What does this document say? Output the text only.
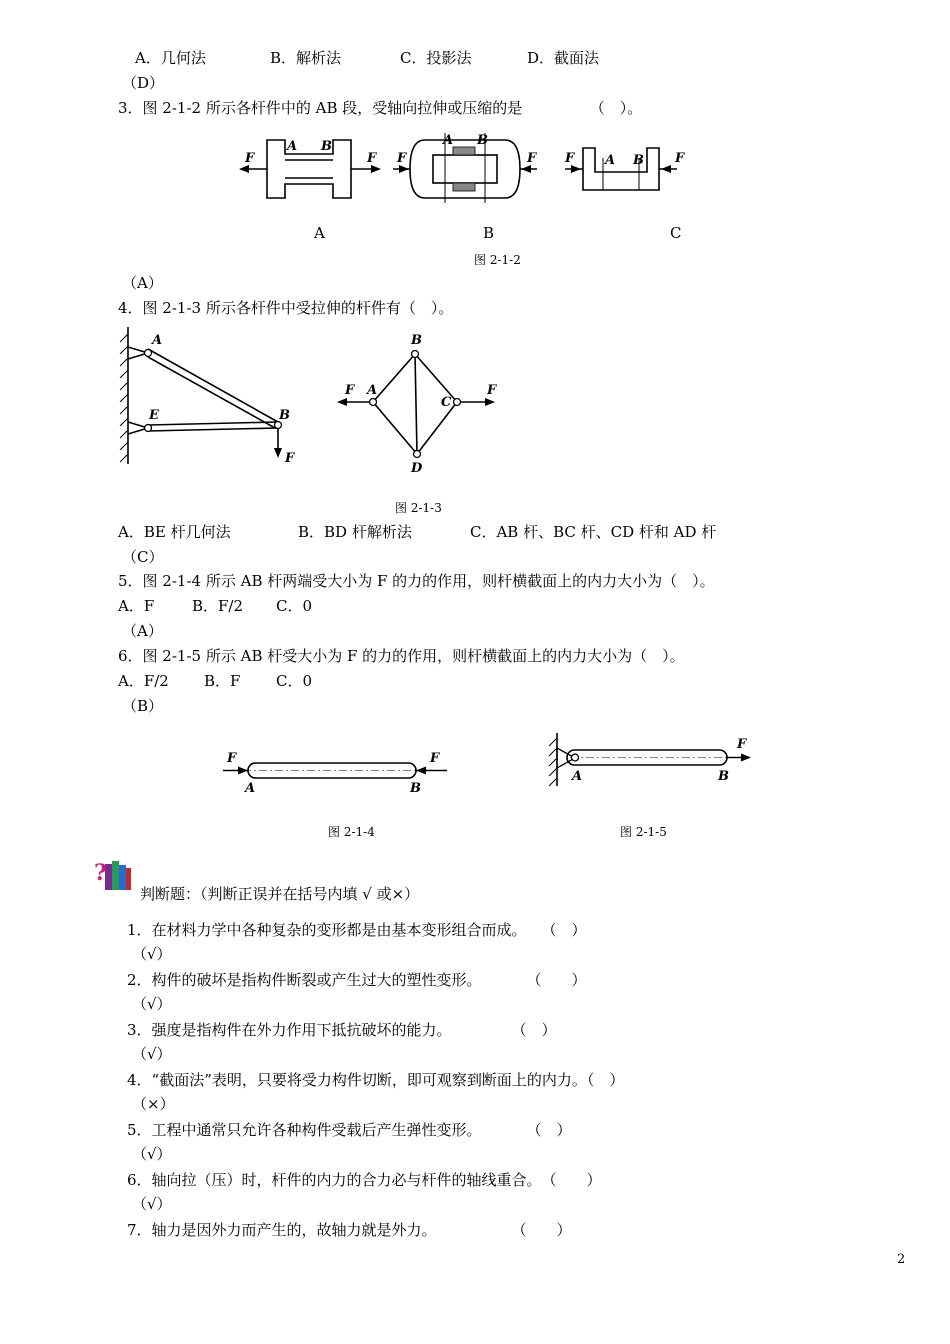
A．几何法	B．解析法	C．投影法	D．截面法
（D）
3．图 2-1-2 所示各杆件中的 AB 段，受轴向拉伸或压缩的是　　　　　（　）。
F	F
A B
F	F
A B
F	F
A B
A	B	C
图 2-1-2
（A）
4．图 2-1-3 所示各杆件中受拉伸的杆件有（　）。
A
E	B
F
F A
B
C
D
F
图 2-1-3
A．BE 杆几何法	B．BD 杆解析法	C．AB 杆、BC 杆、CD 杆和 AD 杆
（C）
5．图 2-1-4 所示 AB 杆两端受大小为 F 的力的作用，则杆横截面上的内力大小为（　）。
A．F	B．F/2 C．0
（A）
6．图 2-1-5 所示 AB 杆受大小为 F 的力的作用，则杆横截面上的内力大小为（　）。
A．F/2 B．F C．0
（B）
F	F
A	B
图 2-1-4
F
A	B
图 2-1-5
?
判断题：（判断正误并在括号内填 √ 或×）
1．在材料力学中各种复杂的变形都是由基本变形组合而成。　　（　）
（√）
2．构件的破坏是指构件断裂或产生过大的塑性变形。　　　　（　　）
（√）
3．强度是指构件在外力作用下抵抗破坏的能力。　　　　　（　）
（√）
4．“截面法”表明，只要将受力构件切断，即可观察到断面上的内力。（　）
（×）
5．工程中通常只允许各种构件受载后产生弹性变形。　　　　（　）
（√）
6．轴向拉（压）时，杆件的内力的合力必与杆件的轴线重合。　（　　）
（√）
7．轴力是因外力而产生的，故轴力就是外力。　　　　　　（　　）
2
